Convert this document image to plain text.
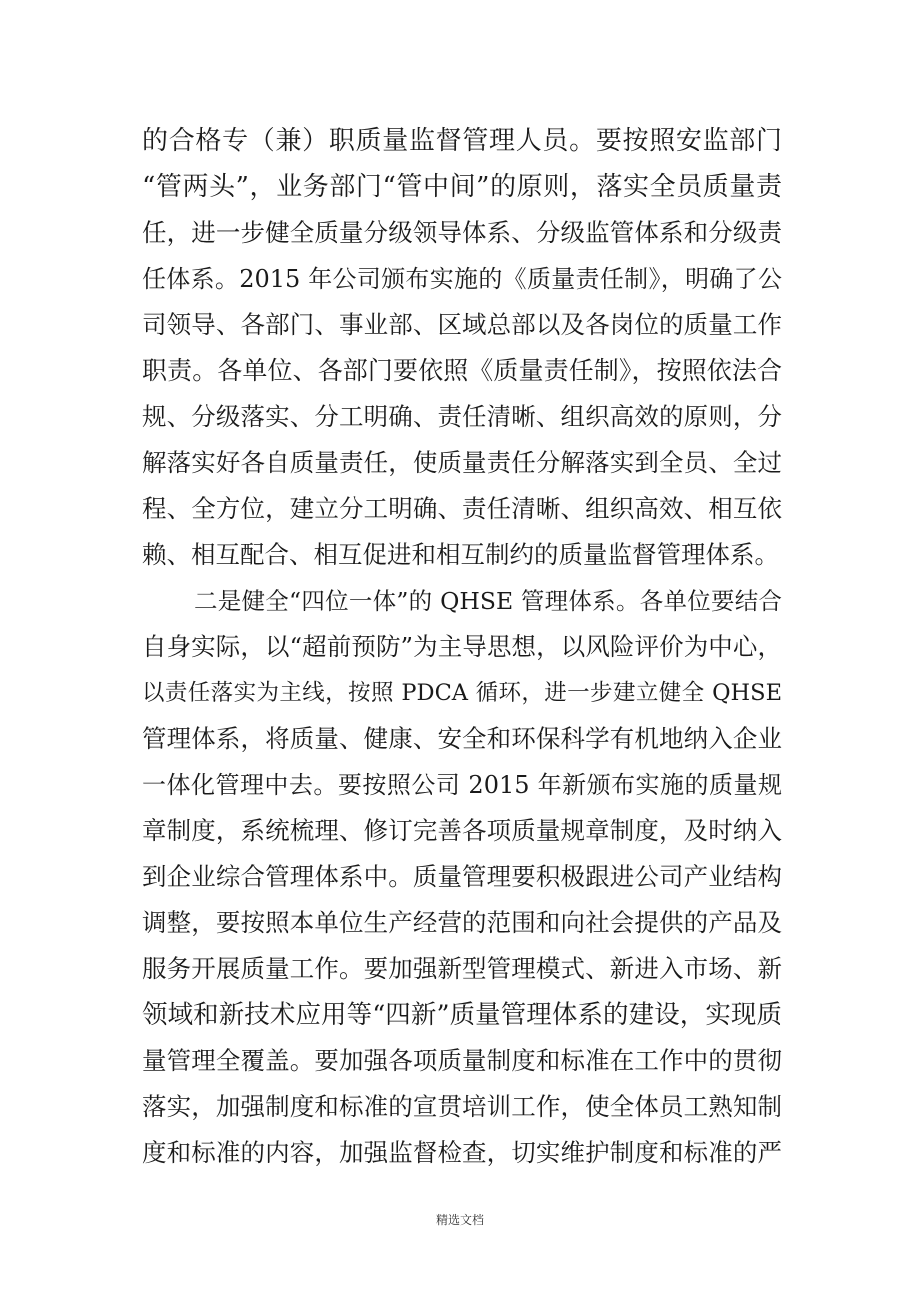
的合格专（兼）职质量监督管理人员。要按照安监部门
“管两头”，业务部门“管中间”的原则，落实全员质量责
任，进一步健全质量分级领导体系、分级监管体系和分级责
任体系。2015 年公司颁布实施的《质量责任制》，明确了公
司领导、各部门、事业部、区域总部以及各岗位的质量工作
职责。各单位、各部门要依照《质量责任制》，按照依法合
规、分级落实、分工明确、责任清晰、组织高效的原则，分
解落实好各自质量责任，使质量责任分解落实到全员、全过
程、全方位，建立分工明确、责任清晰、组织高效、相互依
赖、相互配合、相互促进和相互制约的质量监督管理体系。
二是健全“四位一体”的 QHSE 管理体系。各单位要结合
自身实际，以“超前预防”为主导思想，以风险评价为中心，
以责任落实为主线，按照 PDCA 循环，进一步建立健全 QHSE
管理体系，将质量、健康、安全和环保科学有机地纳入企业
一体化管理中去。要按照公司 2015 年新颁布实施的质量规
章制度，系统梳理、修订完善各项质量规章制度，及时纳入
到企业综合管理体系中。质量管理要积极跟进公司产业结构
调整，要按照本单位生产经营的范围和向社会提供的产品及
服务开展质量工作。要加强新型管理模式、新进入市场、新
领域和新技术应用等“四新”质量管理体系的建设，实现质
量管理全覆盖。要加强各项质量制度和标准在工作中的贯彻
落实，加强制度和标准的宣贯培训工作，使全体员工熟知制
度和标准的内容，加强监督检查，切实维护制度和标准的严
精选文档
